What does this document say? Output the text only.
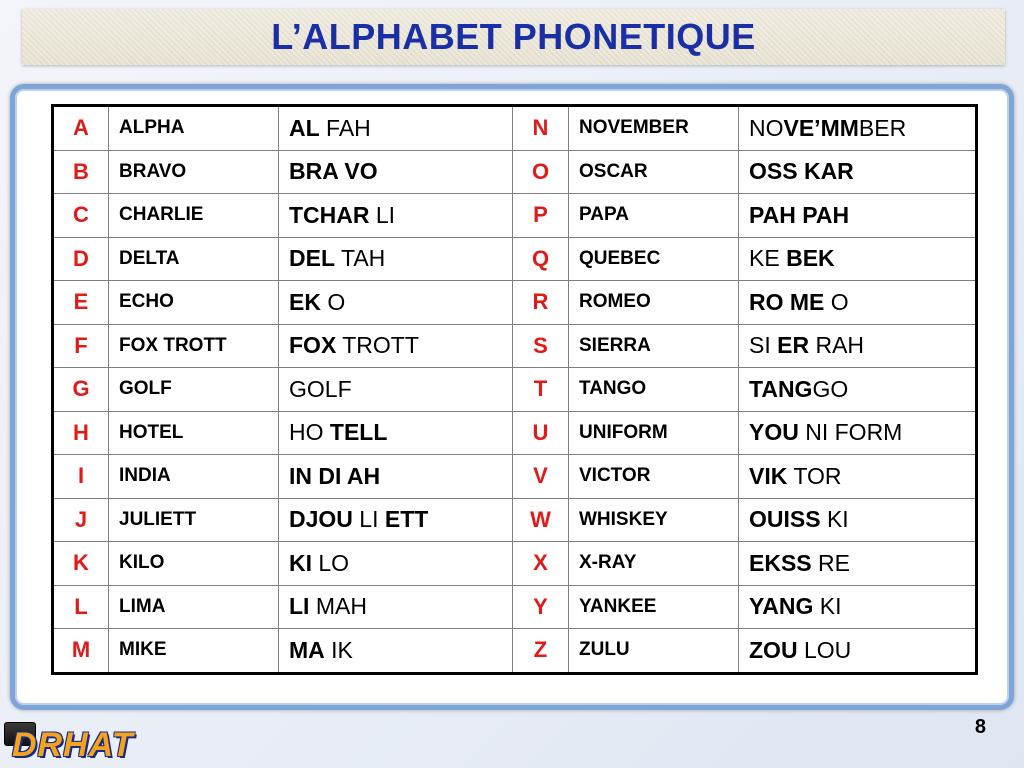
L’ALPHABET PHONETIQUE
A	ALPHA	AL FAH	N	NOVEMBER	NOVE’MMBER
B	BRAVO	BRA VO	O	OSCAR	OSS KAR
C	CHARLIE	TCHAR LI	P	PAPA	PAH PAH
D	DELTA	DEL TAH	Q	QUEBEC	KE BEK
E	ECHO	EK O	R	ROMEO	RO ME O
F	FOX TROTT	FOX TROTT	S	SIERRA	SI ER RAH
G	GOLF	GOLF	T	TANGO	TANGGO
H	HOTEL	HO TELL	U	UNIFORM	YOU NI FORM
I	INDIA	IN DI AH	V	VICTOR	VIK TOR
J	JULIETT	DJOU LI ETT	W	WHISKEY	OUISS KI
K	KILO	KI LO	X	X-RAY	EKSS RE
L	LIMA	LI MAH	Y	YANKEE	YANG KI
M	MIKE	MA IK	Z	ZULU	ZOU LOU
8
DRHAT
